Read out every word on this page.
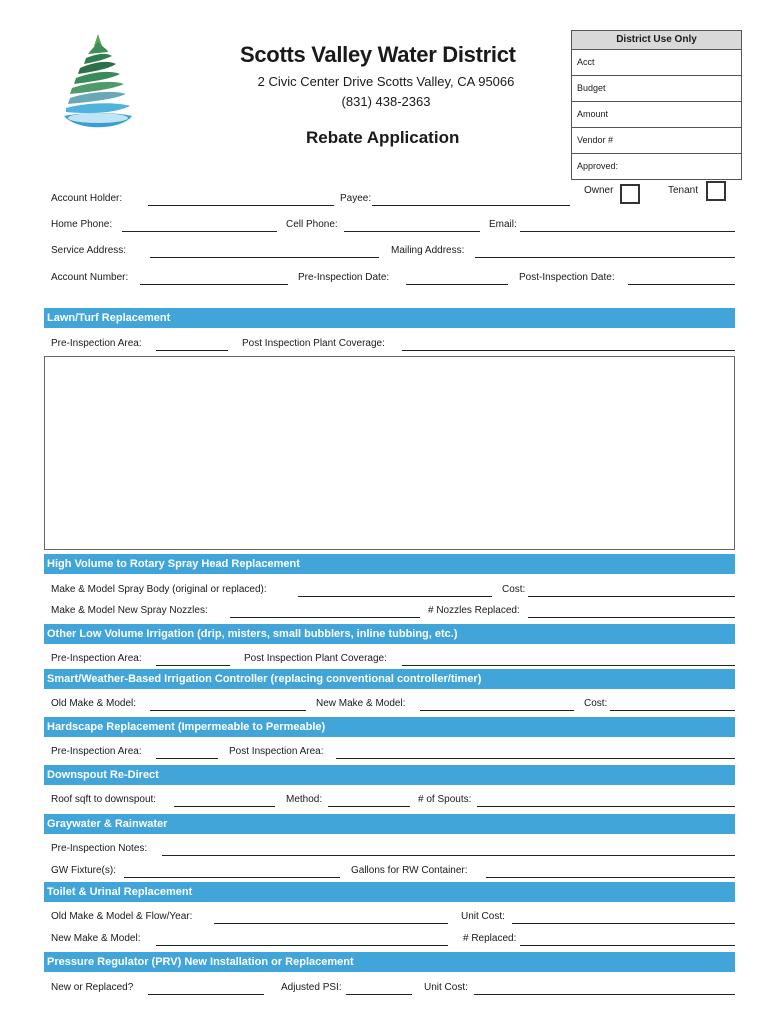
Scotts Valley Water District
2 Civic Center Drive Scotts Valley, CA 95066
(831) 438-2363
Rebate Application
District Use Only
Acct
Budget
Amount
Vendor #
Approved:
Owner	Tenant
Account Holder:	Payee:
Home Phone:	Cell Phone:	Email:
Service Address:	Mailing Address:
Account Number:	Pre-Inspection Date:	Post-Inspection Date:
Lawn/Turf Replacement
Pre-Inspection Area:	Post Inspection Plant Coverage:
High Volume to Rotary Spray Head Replacement
Make & Model Spray Body (original or replaced):	Cost:
Make & Model New Spray Nozzles:	# Nozzles Replaced:
Other Low Volume Irrigation (drip, misters, small bubblers, inline tubbing, etc.)
Pre-Inspection Area:	Post Inspection Plant Coverage:
Smart/Weather-Based Irrigation Controller (replacing conventional controller/timer)
Old Make & Model:	New Make & Model:	Cost:
Hardscape Replacement (Impermeable to Permeable)
Pre-Inspection Area:	Post Inspection Area:
Downspout Re-Direct
Roof sqft to downspout:	Method:	# of Spouts:
Graywater & Rainwater
Pre-Inspection Notes:
GW Fixture(s):	Gallons for RW Container:
Toilet & Urinal Replacement
Old Make & Model & Flow/Year:	Unit Cost:
New Make & Model:	# Replaced:
Pressure Regulator (PRV) New Installation or Replacement
New or Replaced?	Adjusted PSI:	Unit Cost:
